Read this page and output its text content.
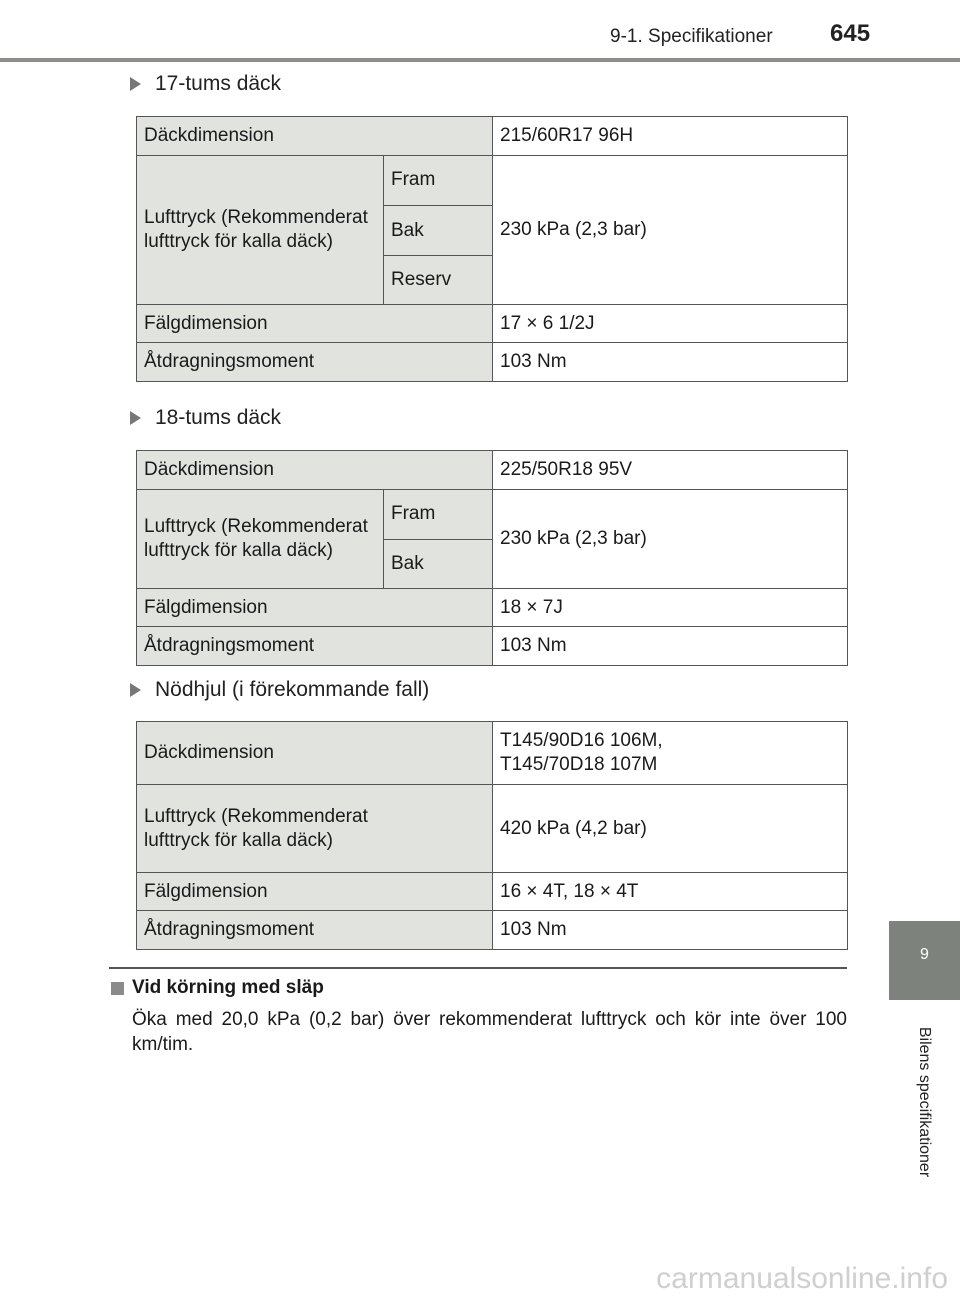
9-1. Specifikationer 645
9
Bilens specifikationer
17-tums däck
Däckdimension		215/60R17 96H
Lufttryck (Rekommenderat lufttryck för kalla däck)	Fram	230 kPa (2,3 bar)
	Bak	
	Reserv	
Fälgdimension		17 × 6 1/2J
Åtdragningsmoment		103 Nm
18-tums däck
Däckdimension		225/50R18 95V
Lufttryck (Rekommenderat lufttryck för kalla däck)	Fram	230 kPa (2,3 bar)
	Bak	
Fälgdimension		18 × 7J
Åtdragningsmoment		103 Nm
Nödhjul (i förekommande fall)
Däckdimension	T145/90D16 106M,
T145/70D18 107M

Lufttryck (Rekommenderat lufttryck för kalla däck)	420 kPa (4,2 bar)
Fälgdimension	16 × 4T, 18 × 4T
Åtdragningsmoment	103 Nm
Vid körning med släp
Öka med 20,0 kPa (0,2 bar) över rekommenderat lufttryck och kör inte över 100 km/tim.
carmanualsonline.info
